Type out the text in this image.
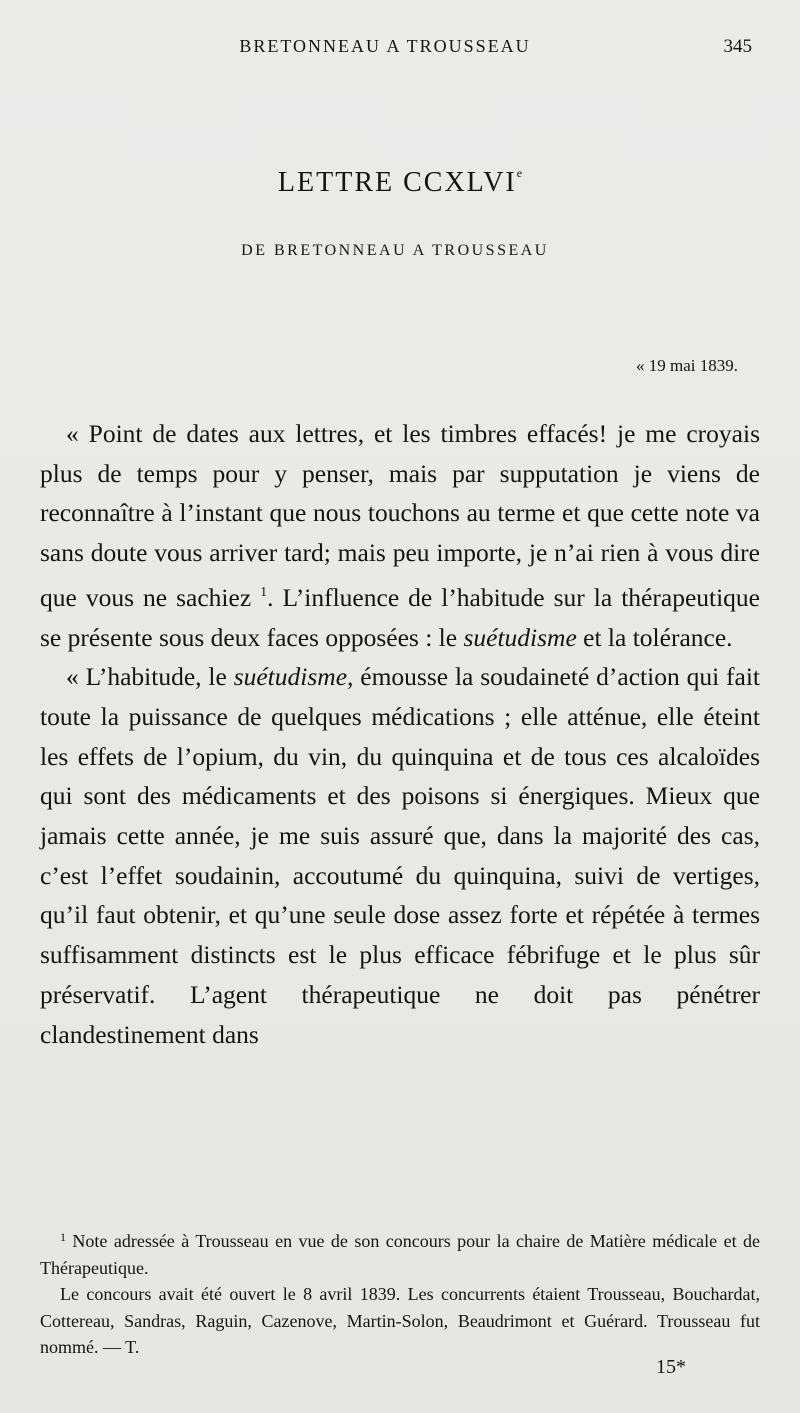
BRETONNEAU A TROUSSEAU	345
LETTRE CCXLVIe
DE BRETONNEAU A TROUSSEAU
« 19 mai 1839.

« Point de dates aux lettres, et les timbres effacés! je me croyais plus de temps pour y penser, mais par supputation je viens de reconnaître à l’instant que nous touchons au terme et que cette note va sans doute vous arriver tard; mais peu importe, je n’ai rien à vous dire que vous ne sachiez $^1$. L’influence de l’habitude sur la thérapeutique se présente sous deux faces opposées : le suétudisme et la tolérance.

« L’habitude, le suétudisme, émousse la soudaineté d’action qui fait toute la puissance de quelques médications ; elle atténue, elle éteint les effets de l’opium, du vin, du quinquina et de tous ces alcaloïdes qui sont des médicaments et des poisons si énergiques. Mieux que jamais cette année, je me suis assuré que, dans la majorité des cas, c’est l’effet soudainin, accoutumé du quinquina, suivi de vertiges, qu’il faut obtenir, et qu’une seule dose assez forte et répétée à termes suffisamment distincts est le plus efficace fébrifuge et le plus sûr préservatif. L’agent thérapeutique ne doit pas pénétrer clandestinement dans

$^1$ Note adressée à Trousseau en vue de son concours pour la chaire de Matière médicale et de Thérapeutique.

Le concours avait été ouvert le 8 avril 1839. Les concurrents étaient Trousseau, Bouchardat, Cottereau, Sandras, Raguin, Cazenove, Martin-Solon, Beaudrimont et Guérard. Trousseau fut nommé. — T.

15*
